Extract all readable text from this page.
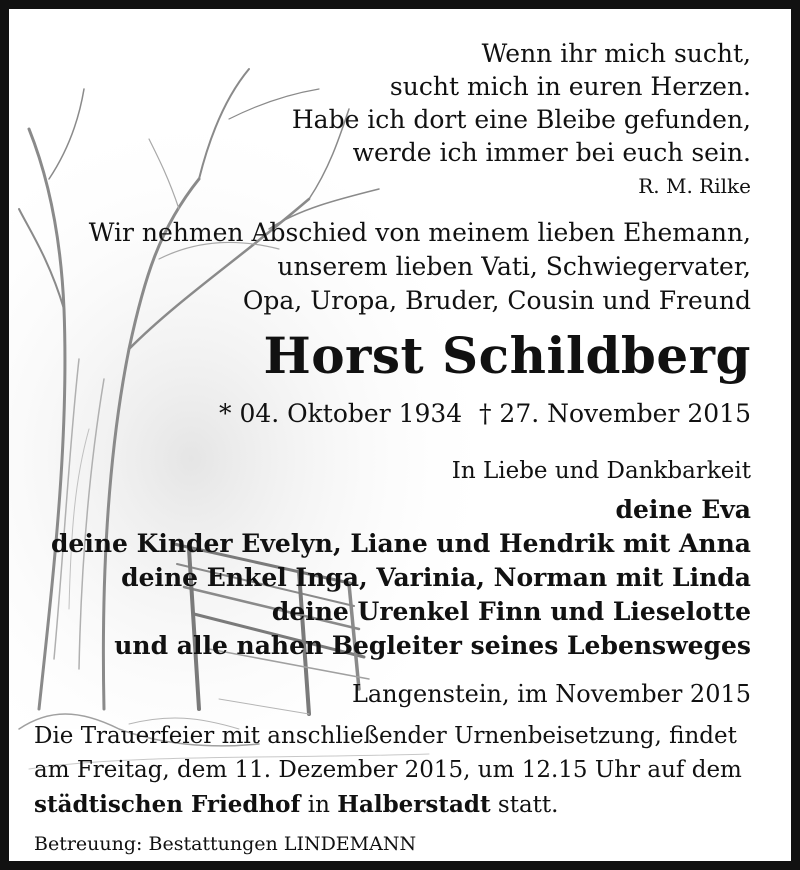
Wenn ihr mich sucht,
sucht mich in euren Herzen.
Habe ich dort eine Bleibe gefunden,
werde ich immer bei euch sein.
R. M. Rilke
Wir nehmen Abschied von meinem lieben Ehemann,
unserem lieben Vati, Schwiegervater,
Opa, Uropa, Bruder, Cousin und Freund
Horst Schildberg
* 04. Oktober 1934 † 27. November 2015
In Liebe und Dankbarkeit
deine Eva
deine Kinder Evelyn, Liane und Hendrik mit Anna
deine Enkel Inga, Varinia, Norman mit Linda
deine Urenkel Finn und Lieselotte
und alle nahen Begleiter seines Lebensweges
Langenstein, im November 2015
Die Trauerfeier mit anschließender Urnenbeisetzung, findet
am Freitag, dem 11. Dezember 2015, um 12.15 Uhr auf dem
städtischen Friedhof in Halberstadt statt.
Betreuung: Bestattungen LINDEMANN
